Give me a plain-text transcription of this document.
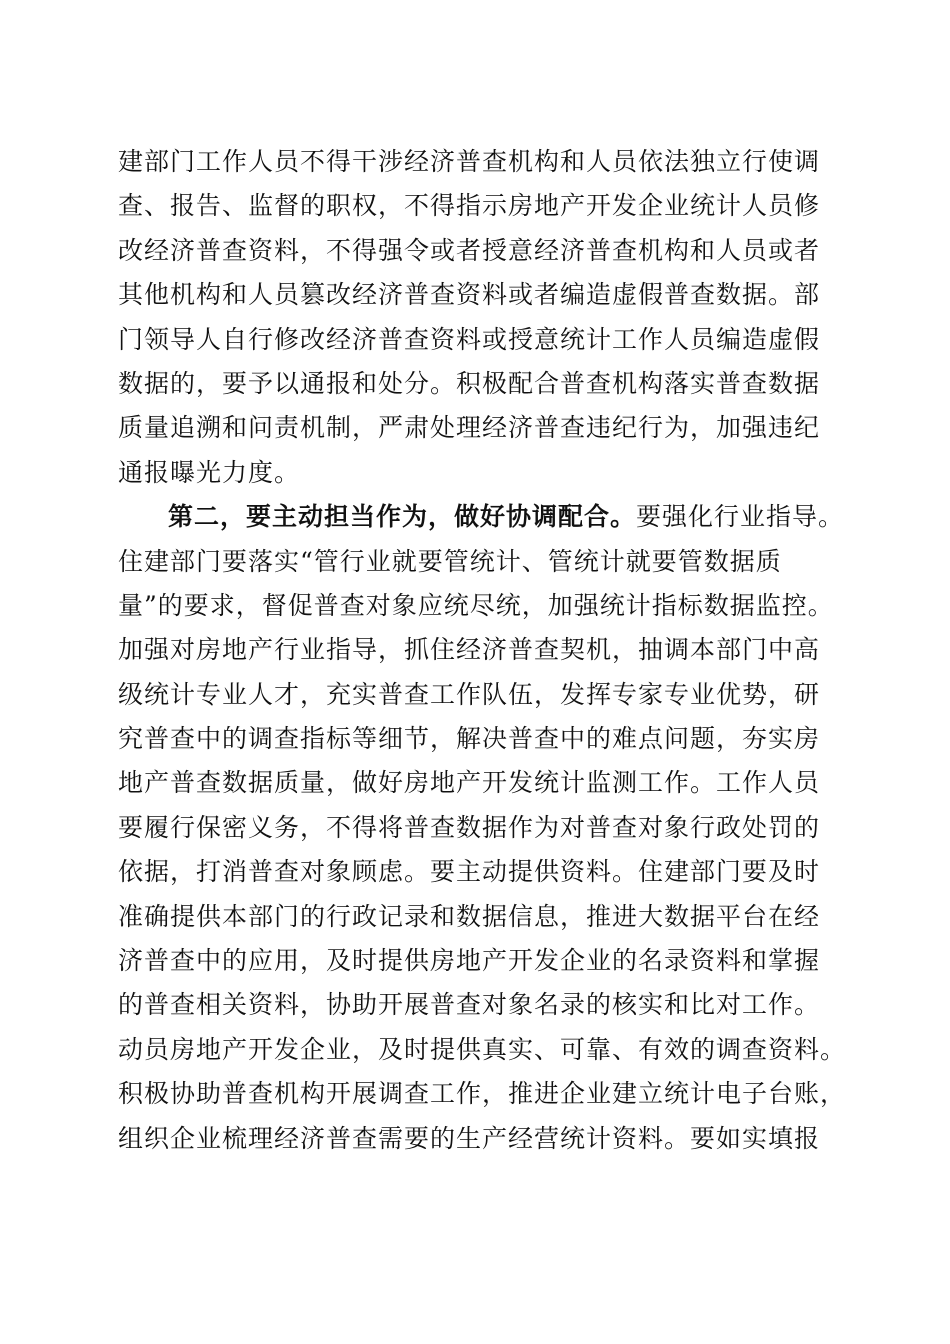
建部门工作人员不得干涉经济普查机构和人员依法独立行使调
查、报告、监督的职权，不得指示房地产开发企业统计人员修
改经济普查资料，不得强令或者授意经济普查机构和人员或者
其他机构和人员篡改经济普查资料或者编造虚假普查数据。部
门领导人自行修改经济普查资料或授意统计工作人员编造虚假
数据的，要予以通报和处分。积极配合普查机构落实普查数据
质量追溯和问责机制，严肃处理经济普查违纪行为，加强违纪
通报曝光力度。
第二，要主动担当作为，做好协调配合。要强化行业指导。
住建部门要落实“管行业就要管统计、管统计就要管数据质
量”的要求，督促普查对象应统尽统，加强统计指标数据监控。
加强对房地产行业指导，抓住经济普查契机，抽调本部门中高
级统计专业人才，充实普查工作队伍，发挥专家专业优势，研
究普查中的调查指标等细节，解决普查中的难点问题，夯实房
地产普查数据质量，做好房地产开发统计监测工作。工作人员
要履行保密义务，不得将普查数据作为对普查对象行政处罚的
依据，打消普查对象顾虑。要主动提供资料。住建部门要及时
准确提供本部门的行政记录和数据信息，推进大数据平台在经
济普查中的应用，及时提供房地产开发企业的名录资料和掌握
的普查相关资料，协助开展普查对象名录的核实和比对工作。
动员房地产开发企业，及时提供真实、可靠、有效的调查资料。
积极协助普查机构开展调查工作，推进企业建立统计电子台账，
组织企业梳理经济普查需要的生产经营统计资料。要如实填报
